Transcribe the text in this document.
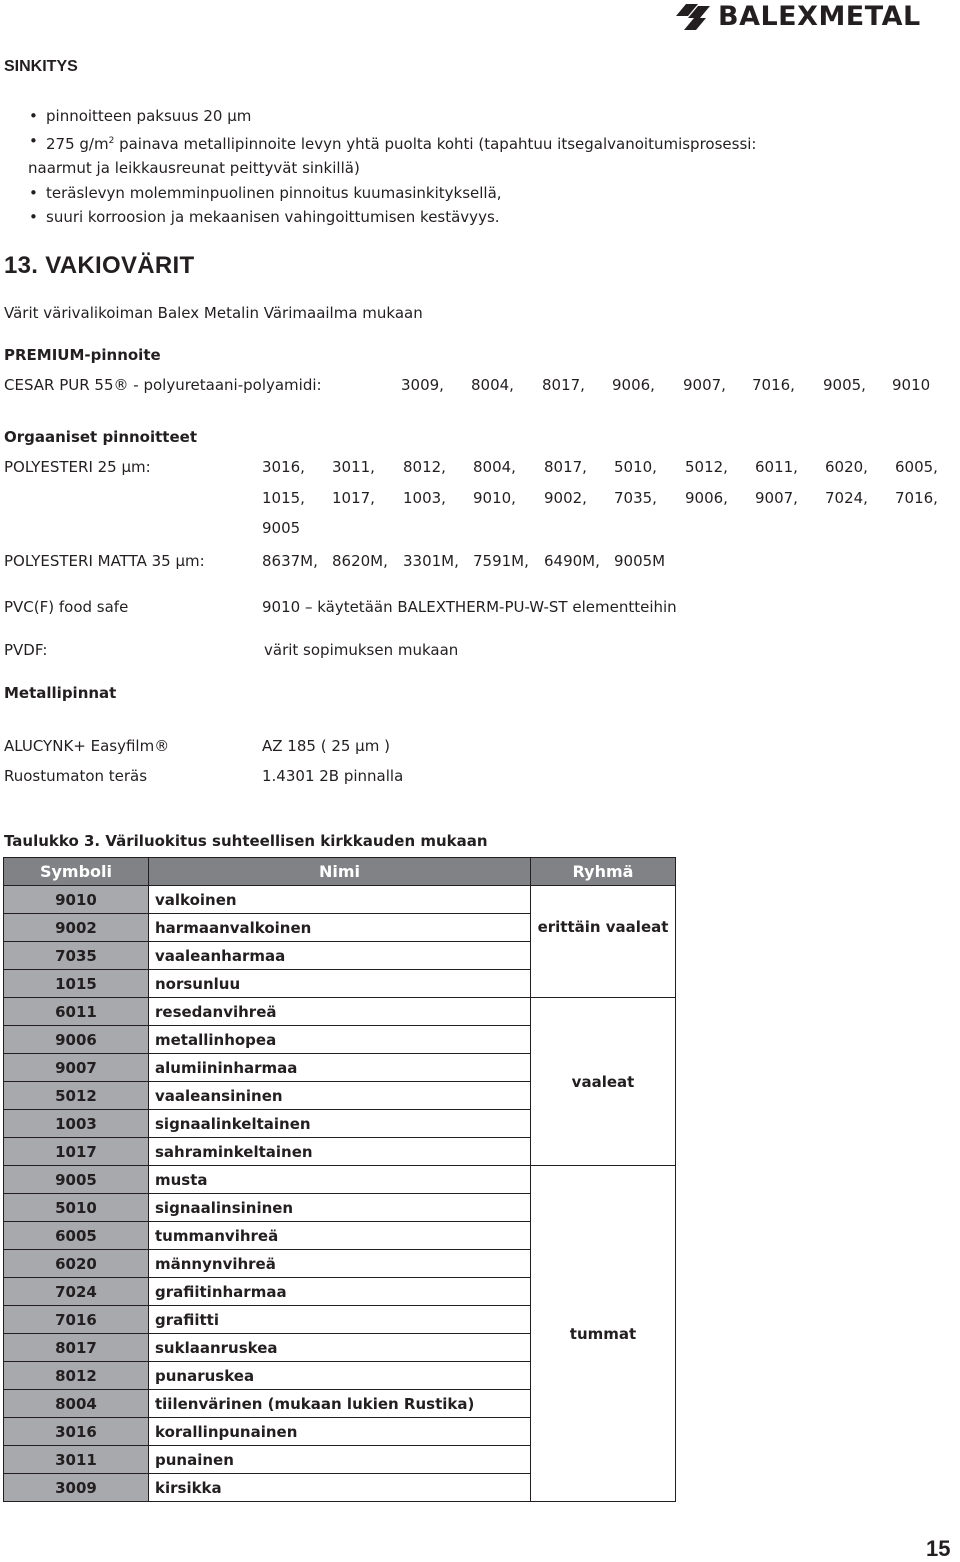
BALEXMETAL
SINKITYS
• pinnoitteen paksuus 20 μm
• 275 $g/m^2$ painava metallipinnoite levyn yhtä puolta kohti (tapahtuu itsegalvanoitumisprosessi:
naarmut ja leikkausreunat peittyvät sinkillä)
• teräslevyn molemminpuolinen pinnoitus kuumasinkityksellä,
• suuri korroosion ja mekaanisen vahingoittumisen kestävyys.
13. VAKIOVÄRIT
Värit värivalikoiman Balex Metalin Värimaailma mukaan
PREMIUM-pinnoite
CESAR PUR 55® - polyuretaani-polyamidi:	3009,	8004,	8017,	9006,	9007,	7016,	9005,	9010
Orgaaniset pinnoitteet
POLYESTERI 25 μm:	3016,	3011,	8012,	8004,	8017,	5010,	5012,	6011,	6020,	6005,
1015,	1017,	1003,	9010,	9002,	7035,	9006,	9007,	7024,	7016,
9005
POLYESTERI MATTA 35 μm:	8637M, 8620M,	3301M, 7591M,	6490M, 9005M
PVC(F) food safe	9010 – käytetään BALEXTHERM-PU-W-ST elementteihin
PVDF:	värit sopimuksen mukaan
Metallipinnat
ALUCYNK+ Easyfilm®	AZ 185 ( 25 μm )
Ruostumaton teräs	1.4301 2B pinnalla
Taulukko 3. Väriluokitus suhteellisen kirkkauden mukaan
Symboli	Nimi	Ryhmä
9010	valkoinen	
9002	harmaanvalkoinen	erittäin vaaleat

7035	vaaleanharmaa	
1015	norsunluu	
6011	resedanvihreä	vaaleat

9006	metallinhopea	
9007	alumiininharmaa	
5012	vaaleansininen	
1003	signaalinkeltainen	
1017	sahraminkeltainen	
9005	musta	tummat

5010	signaalinsininen	
6005	tummanvihreä	
6020	männynvihreä	
7024	grafiitinharmaa	
7016	grafiitti	
8017	suklaanruskea	
8012	punaruskea	
8004	tiilenvärinen (mukaan lukien Rustika)	
3016	korallinpunainen	
3011	punainen	
3009	kirsikka	
15
